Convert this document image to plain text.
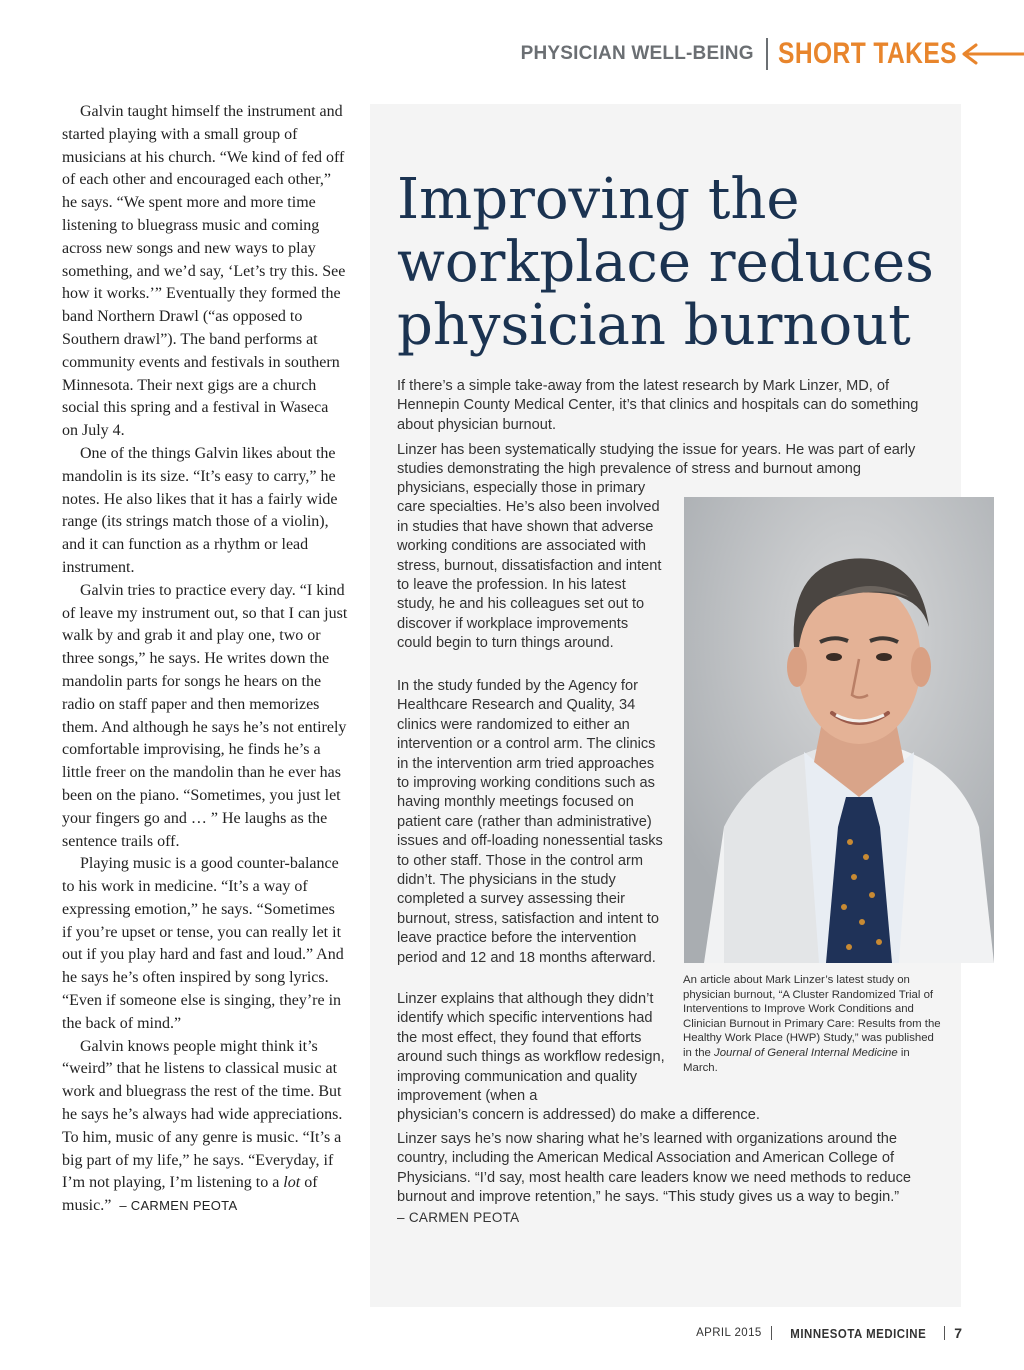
PHYSICIAN WELL-BEING SHORT TAKES

Galvin taught himself the instrument and started playing with a small group of musicians at his church. “We kind of fed off of each other and encouraged each other,” he says. “We spent more and more time listening to bluegrass music and coming across new songs and new ways to play something, and we’d say, ‘Let’s try this. See how it works.’” Eventually they formed the band Northern Drawl (“as opposed to Southern drawl”). The band performs at community events and festivals in southern Minnesota. Their next gigs are a church social this spring and a festival in Waseca on July 4.

One of the things Galvin likes about the mandolin is its size. “It’s easy to carry,” he notes. He also likes that it has a fairly wide range (its strings match those of a violin), and it can function as a rhythm or lead instrument.

Galvin tries to practice every day. “I kind of leave my instrument out, so that I can just walk by and grab it and play one, two or three songs,” he says. He writes down the mandolin parts for songs he hears on the radio on staff paper and then memorizes them. And although he says he’s not entirely comfortable improvising, he finds he’s a little freer on the mandolin than he ever has been on the piano. “Sometimes, you just let your fingers go and … ” He laughs as the sentence trails off.

Playing music is a good counter-balance to his work in medicine. “It’s a way of expressing emotion,” he says. “Sometimes if you’re upset or tense, you can really let it out if you play hard and fast and loud.” And he says he’s often inspired by song lyrics. “Even if someone else is singing, they’re in the back of mind.”

Galvin knows people might think it’s “weird” that he listens to classical music at work and bluegrass the rest of the time. But he says he’s always had wide appreciations. To him, music of any genre is music. “It’s a big part of my life,” he says. “Everyday, if I’m not playing, I’m listening to a lot of music.” – CARMEN PEOTA

Improving the
workplace reduces
physician burnout

If there’s a simple take-away from the latest research by Mark Linzer, MD, of Hennepin County Medical Center, it’s that clinics and hospitals can do something about physician burnout.

Linzer has been systematically studying the issue for years. He was part of early studies demonstrating the high prevalence of stress and burnout among

physicians, especially those in primary care specialties. He’s also been involved in studies that have shown that adverse working conditions are associated with stress, burnout, dissatisfaction and intent to leave the profession. In his latest study, he and his colleagues set out to discover if workplace improvements could begin to turn things around.

In the study funded by the Agency for Healthcare Research and Quality, 34 clinics were randomized to either an intervention or a control arm. The clinics in the intervention arm tried approaches to improving working conditions such as having monthly meetings focused on patient care (rather than administrative) issues and off-loading nonessential tasks to other staff. Those in the control arm didn’t. The physicians in the study completed a survey assessing their burnout, stress, satisfaction and intent to leave practice before the intervention period and 12 and 18 months afterward.

Linzer explains that although they didn’t identify which specific interventions had the most effect, they found that efforts around such things as workflow redesign, improving communication and quality improvement (when a

physician’s concern is addressed) do make a difference.

Linzer says he’s now sharing what he’s learned with organizations around the country, including the American Medical Association and American College of Physicians. “I’d say, most health care leaders know we need methods to reduce burnout and improve retention,” he says. “This study gives us a way to begin.”

– CARMEN PEOTA

An article about Mark Linzer’s latest study on physician burnout, “A Cluster Randomized Trial of Interventions to Improve Work Conditions and Clinician Burnout in Primary Care: Results from the Healthy Work Place (HWP) Study,” was published in the Journal of General Internal Medicine in March.

APRIL 2015 MINNESOTA MEDICINE 7
